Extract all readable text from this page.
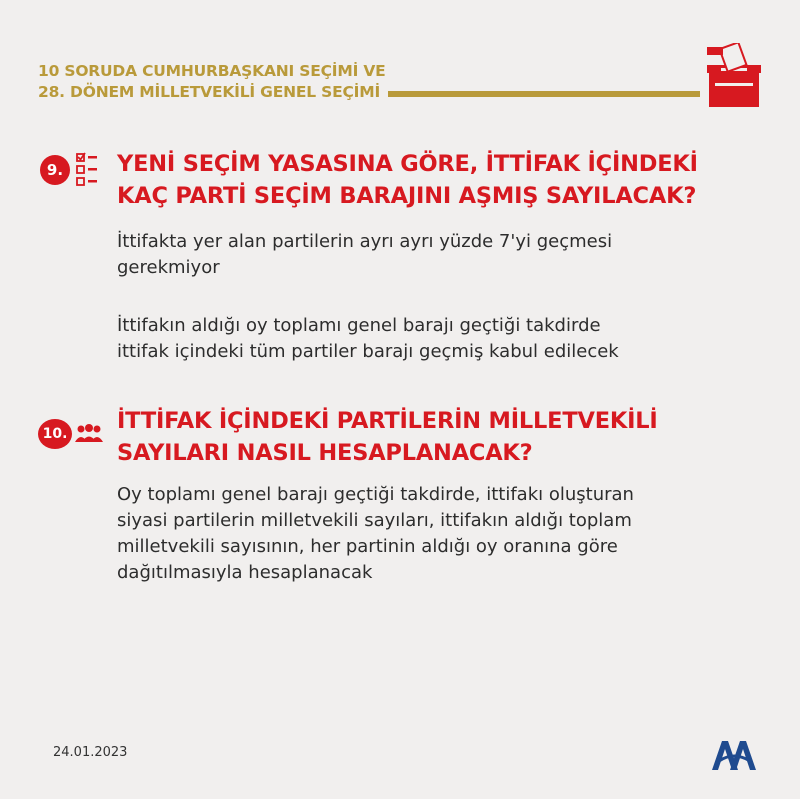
10 SORUDA CUMHURBAŞKANI SEÇİMİ VE
28. DÖNEM MİLLETVEKİLİ GENEL SEÇİMİ
9. YENİ SEÇİM YASASINA GÖRE, İTTİFAK İÇİNDEKİ
KAÇ PARTİ SEÇİM BARAJINI AŞMIŞ SAYILACAK?
İttifakta yer alan partilerin ayrı ayrı yüzde 7'yi geçmesi
gerekmiyor
İttifakın aldığı oy toplamı genel barajı geçtiği takdirde
ittifak içindeki tüm partiler barajı geçmiş kabul edilecek
10. İTTİFAK İÇİNDEKİ PARTİLERİN MİLLETVEKİLİ
SAYILARI NASIL HESAPLANACAK?
Oy toplamı genel barajı geçtiği takdirde, ittifakı oluşturan
siyasi partilerin milletvekili sayıları, ittifakın aldığı toplam
milletvekili sayısının, her partinin aldığı oy oranına göre
dağıtılmasıyla hesaplanacak
24.01.2023
